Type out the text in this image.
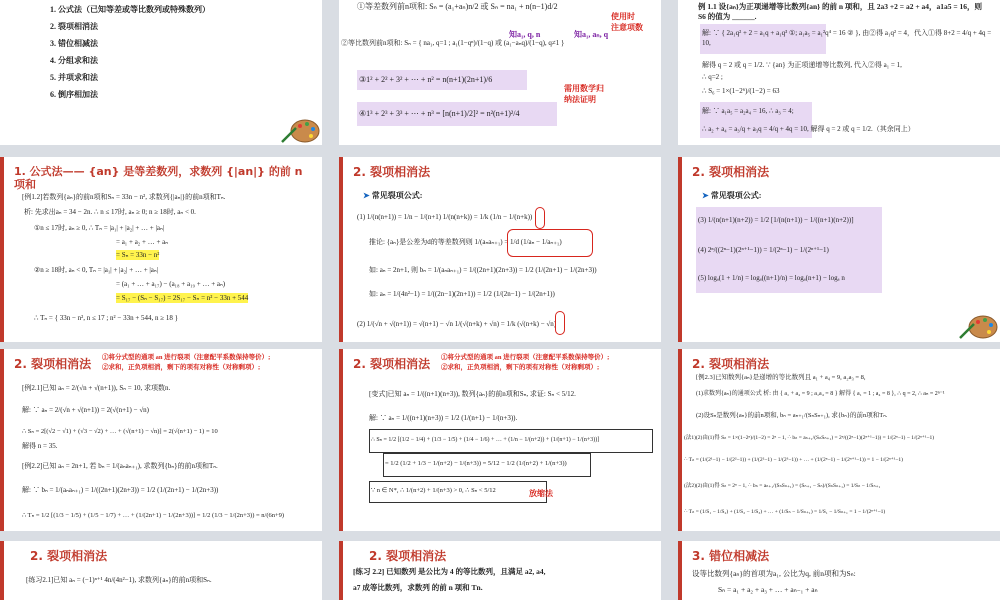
1. 公式法（已知等差或等比数列或特殊数列）
2. 裂项相消法
3. 错位相减法
4. 分组求和法
5. 并项求和法
6. 倒序相加法
①等差数列前n项和: Sₙ = (a₁+aₙ)n/2 或 Sₙ = na₁ + n(n−1)d/2
使用时
注意项数
②等比数列前n项和: Sₙ = { na₁, q=1 ; a₁(1−qⁿ)/(1−q) 或 (a₁−aₙq)/(1−q), q≠1 }
知a₁, q, n	知a₁, aₙ, q
③1² + 2² + 3² + ⋯ + n² = n(n+1)(2n+1)/6
④1³ + 2³ + 3³ + ⋯ + n³ = [n(n+1)/2]² = n²(n+1)²/4
需用数学归
纳法证明
例 1.1 设{aₙ}为正项递增等比数列{an} 的前 n 项和，且 2a3 +2 = a2 + a4，a1a5 = 16，则 S6 的值为 ______.
解: ∵ { 2a₁q² + 2 = a₁q + a₁q³ ①; a₁a₅ = a₁²q⁴ = 16 ② }, 由②得 a₁q² = 4，代入①得 8+2 = 4/q + 4q = 10,
解得 q = 2 或 q = 1/2. ∵ {an} 为正项递增等比数列, 代入②得 a₁ = 1,
∴ q=2 ;
∴ S₆ = 1×(1−2⁶)/(1−2) = 63
解: ∵ a₁a₅ = a₂a₄ = 16, ∴ a₃ = 4;
∴ a₂ + a₄ = a₃/q + a₃q = 4/q + 4q = 10, 解得 q = 2 或 q = 1/2.（其余同上）
1. 公式法—— {an} 是等差数列，求数列 {|an|} 的前 n 项和
[例1.2]若数列{aₙ}的前n项和Sₙ = 33n − n², 求数列{|aₙ|}的前n项和Tₙ.
析: 先求出aₙ = 34 − 2n. ∴ n ≤ 17时, aₙ ≥ 0; n ≥ 18时, aₙ < 0.
①n ≤ 17时, aₙ ≥ 0, ∴ Tₙ = |a₁| + |a₂| + … + |aₙ|
= a₁ + a₂ + … + aₙ
= Sₙ = 33n − n²
②n ≥ 18时, aₙ < 0, Tₙ = |a₁| + |a₂| + … + |aₙ|
= (a₁ + … + a₁₇) − (a₁₈ + a₁₉ + … + aₙ)
= S₁₇ − (Sₙ − S₁₇) = 2S₁₇ − Sₙ = n² − 33n + 544
∴ Tₙ = { 33n − n², n ≤ 17 ; n² − 33n + 544, n ≥ 18 }
2. 裂项相消法
➤ 常见裂项公式:
(1) 1/(n(n+1)) = 1/n − 1/(n+1) 1/(n(n+k)) = 1/k (1/n − 1/(n+k))
推论: {aₙ}是公差为d的等差数列则 1/(aₙaₙ₊₁) = 1/d (1/aₙ − 1/aₙ₊₁)
如: aₙ = 2n+1, 则 bₙ = 1/(aₙaₙ₊₁) = 1/((2n+1)(2n+3)) = 1/2 (1/(2n+1) − 1/(2n+3))
如: aₙ = 1/(4n²−1) = 1/((2n−1)(2n+1)) = 1/2 (1/(2n−1) − 1/(2n+1))
(2) 1/(√n + √(n+1)) = √(n+1) − √n 1/(√(n+k) + √n) = 1/k (√(n+k) − √n)
2. 裂项相消法
➤ 常见裂项公式:
(3) 1/(n(n+1)(n+2)) = 1/2 [1/(n(n+1)) − 1/((n+1)(n+2))]
(4) 2ⁿ/((2ⁿ−1)(2ⁿ⁺¹−1)) = 1/(2ⁿ−1) − 1/(2ⁿ⁺¹−1)
(5) logₐ(1 + 1/n) = logₐ((n+1)/n) = logₐ(n+1) − logₐ n
2. 裂项相消法 ①将分式型的通项 an 进行裂项（注意配平系数保持等价）;
②求和，正负项相消，剩下的项有对称性（对称剩项）;
[例2.1]已知 aₙ = 2/(√n + √(n+1)), Sₙ = 10, 求项数n.
解: ∵ aₙ = 2/(√n + √(n+1)) = 2(√(n+1) − √n)
∴ Sₙ = 2[(√2 − √1) + (√3 − √2) + … + (√(n+1) − √n)] = 2(√(n+1) − 1) = 10
解得 n = 35.
[例2.2]已知 aₙ = 2n+1, 若 bₙ = 1/(aₙaₙ₊₁), 求数列{bₙ}的前n项和Tₙ.
解: ∵ bₙ = 1/(aₙaₙ₊₁) = 1/((2n+1)(2n+3)) = 1/2 (1/(2n+1) − 1/(2n+3))
∴ Tₙ = 1/2 [(1/3 − 1/5) + (1/5 − 1/7) + … + (1/(2n+1) − 1/(2n+3))] = 1/2 (1/3 − 1/(2n+3)) = n/(6n+9)
2. 裂项相消法 ①将分式型的通项 an 进行裂项（注意配平系数保持等价）;
②求和，正负项相消，剩下的项有对称性（对称剩项）;
[变式]已知 aₙ = 1/((n+1)(n+3)), 数列{aₙ}的前n项和Sₙ, 求证: Sₙ < 5/12.
解: ∵ aₙ = 1/((n+1)(n+3)) = 1/2 (1/(n+1) − 1/(n+3)).
∴ Sₙ = 1/2 [(1/2 − 1/4) + (1/3 − 1/5) + (1/4 − 1/6) + … + (1/n − 1/(n+2)) + (1/(n+1) − 1/(n+3))]
= 1/2 (1/2 + 1/3 − 1/(n+2) − 1/(n+3)) = 5/12 − 1/2 (1/(n+2) + 1/(n+3))
∵ n ∈ N*, ∴ 1/(n+2) + 1/(n+3) > 0, ∴ Sₙ < 5/12	放缩法
2. 裂项相消法
[例2.3]已知数列{aₙ}是递增的等比数列且 a₁ + a₄ = 9, a₂a₃ = 8,
(1)求数列{aₙ}的通项公式 析: 由 { a₁ + a₄ = 9 ; a₁a₄ = 8 } 解得 { a₁ = 1 ; a₄ = 8 }, ∴ q = 2, ∴ aₙ = 2ⁿ⁻¹
(2)设Sₙ是数列{aₙ}的前n项和, bₙ = aₙ₊₁/(SₙSₙ₊₁), 求{bₙ}的前n项和Tₙ.
(法1)(2)由(1)得 Sₙ = 1×(1−2ⁿ)/(1−2) = 2ⁿ − 1, ∴ bₙ = aₙ₊₁/(SₙSₙ₊₁) = 2ⁿ/((2ⁿ−1)(2ⁿ⁺¹−1)) = 1/(2ⁿ−1) − 1/(2ⁿ⁺¹−1)
∴ Tₙ = (1/(2¹−1) − 1/(2²−1)) + (1/(2²−1) − 1/(2³−1)) + … + (1/(2ⁿ−1) − 1/(2ⁿ⁺¹−1)) = 1 − 1/(2ⁿ⁺¹−1)
(法2)(2)由(1)得 Sₙ = 2ⁿ − 1, ∴ bₙ = aₙ₊₁/(SₙSₙ₊₁) = (Sₙ₊₁ − Sₙ)/(SₙSₙ₊₁) = 1/Sₙ − 1/Sₙ₊₁
∴ Tₙ = (1/S₁ − 1/S₂) + (1/S₂ − 1/S₃) + … + (1/Sₙ − 1/Sₙ₊₁) = 1/S₁ − 1/Sₙ₊₁ = 1 − 1/(2ⁿ⁺¹−1)
2. 裂项相消法
[练习2.1]已知 aₙ = (−1)ⁿ⁺¹ 4n/(4n²−1), 求数列{aₙ}的前n项和Sₙ.
2. 裂项相消法
[练习 2.2] 已知数列 是公比为 4 的等比数列，且满足 a2, a4,
a7 成等比数列，求数列 的前 n 项和 Tn.
3. 错位相减法
设等比数列{aₙ}的首项为a₁, 公比为q, 前n项和为Sₙ:
Sₙ = a₁ + a₂ + a₃ + … + aₙ₋₁ + aₙ
